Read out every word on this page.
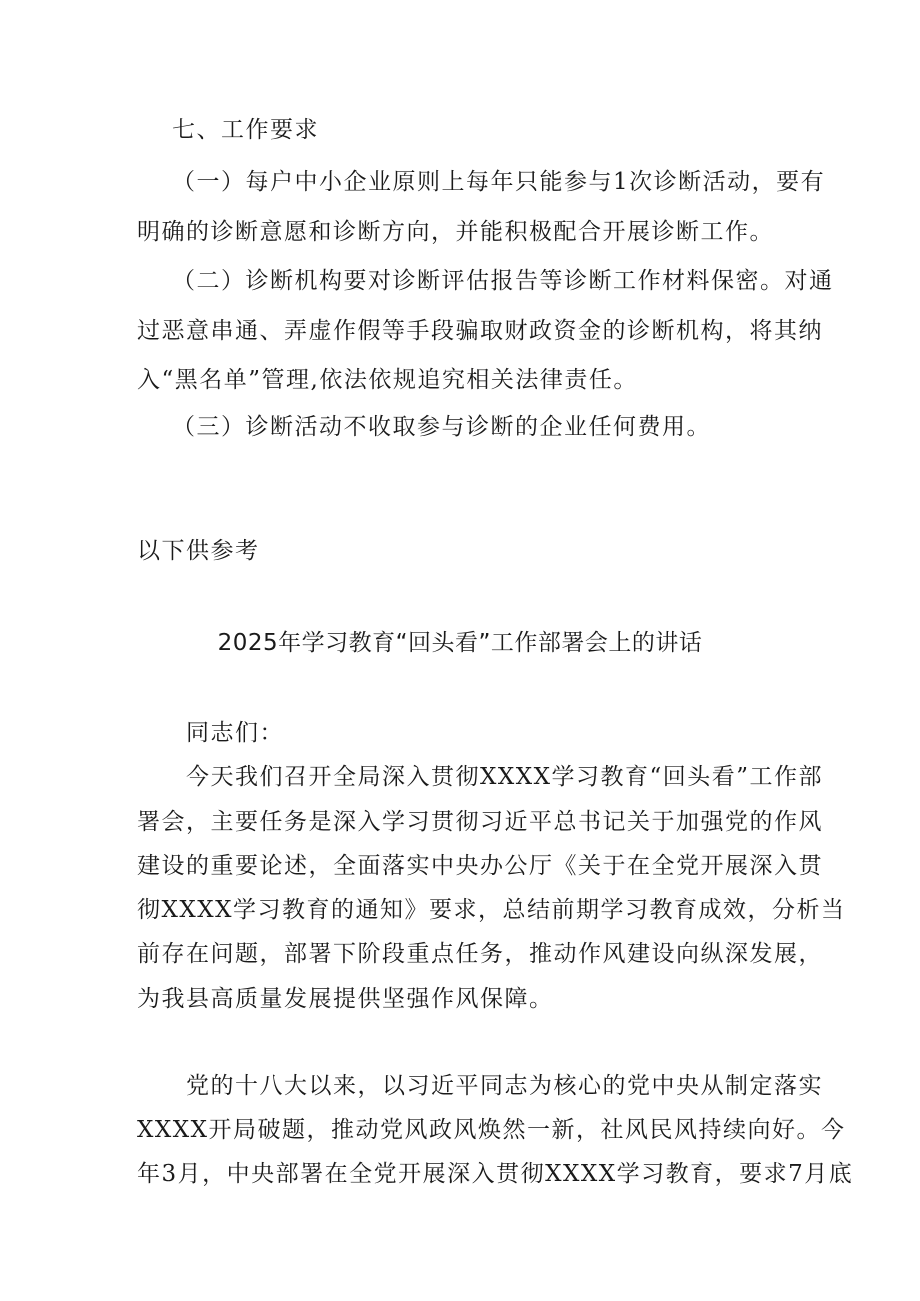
七、工作要求
（一）每户中小企业原则上每年只能参与1次诊断活动，要有
明确的诊断意愿和诊断方向，并能积极配合开展诊断工作。
（二）诊断机构要对诊断评估报告等诊断工作材料保密。对通
过恶意串通、弄虚作假等手段骗取财政资金的诊断机构，将其纳
入“黑名单”管理,依法依规追究相关法律责任。
（三）诊断活动不收取参与诊断的企业任何费用。
以下供参考
2025年学习教育“回头看”工作部署会上的讲话
同志们：
今天我们召开全局深入贯彻XXXX学习教育“回头看”工作部
署会，主要任务是深入学习贯彻习近平总书记关于加强党的作风
建设的重要论述，全面落实中央办公厅《关于在全党开展深入贯
彻XXXX学习教育的通知》要求，总结前期学习教育成效，分析当
前存在问题，部署下阶段重点任务，推动作风建设向纵深发展，
为我县高质量发展提供坚强作风保障。
党的十八大以来，以习近平同志为核心的党中央从制定落实
XXXX开局破题，推动党风政风焕然一新，社风民风持续向好。今
年3月，中央部署在全党开展深入贯彻XXXX学习教育，要求7月底
